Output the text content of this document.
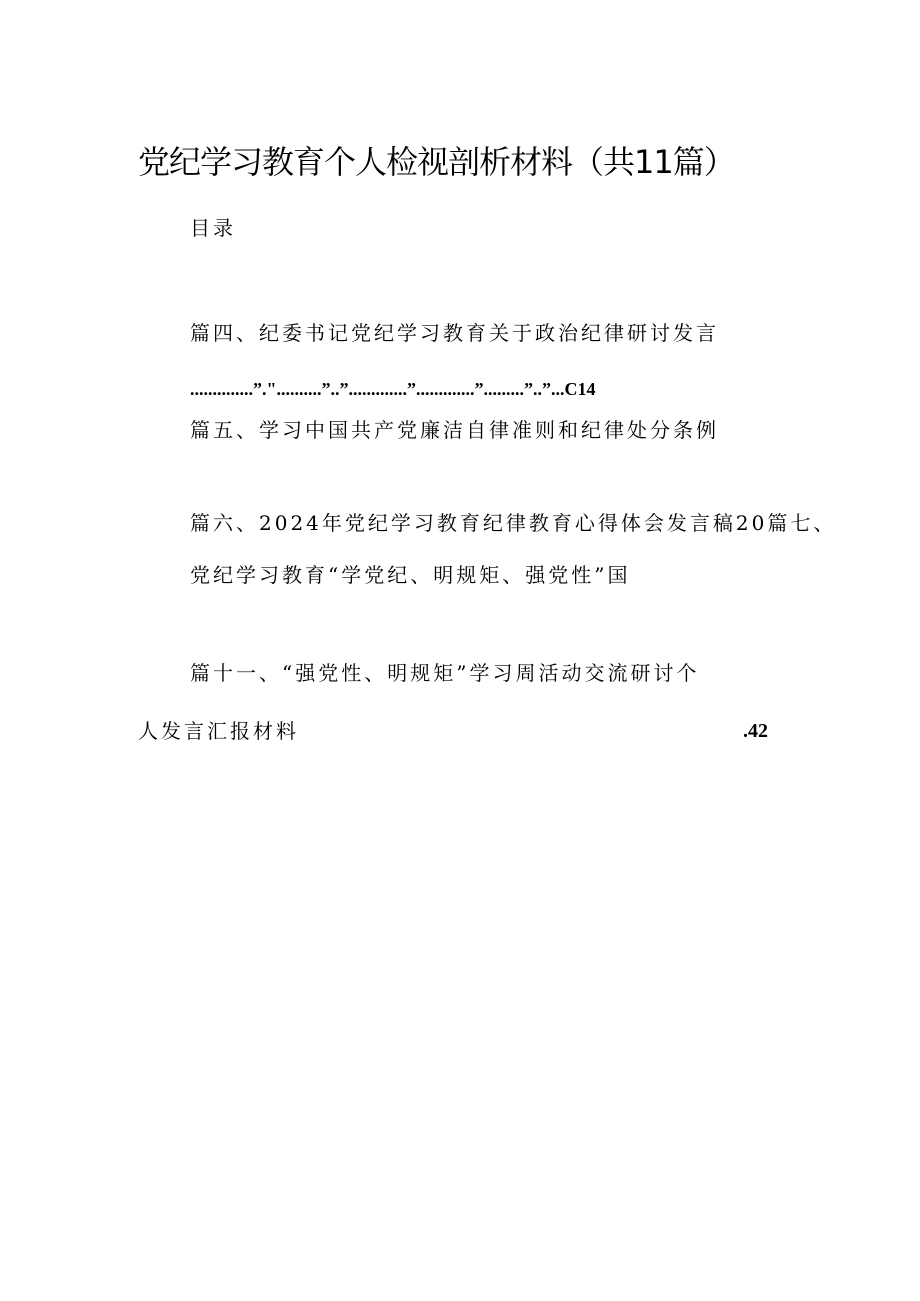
党纪学习教育个人检视剖析材料（共11篇）
目录
篇四、纪委书记党纪学习教育关于政治纪律研讨发言
..............”."..........”..”.............”.............”.........”..”...C14
篇五、学习中国共产党廉洁自律准则和纪律处分条例
篇六、2024年党纪学习教育纪律教育心得体会发言稿20篇七、
党纪学习教育“学党纪、明规矩、强党性”国
篇十一、“强党性、明规矩”学习周活动交流研讨个
人发言汇报材料	.42
